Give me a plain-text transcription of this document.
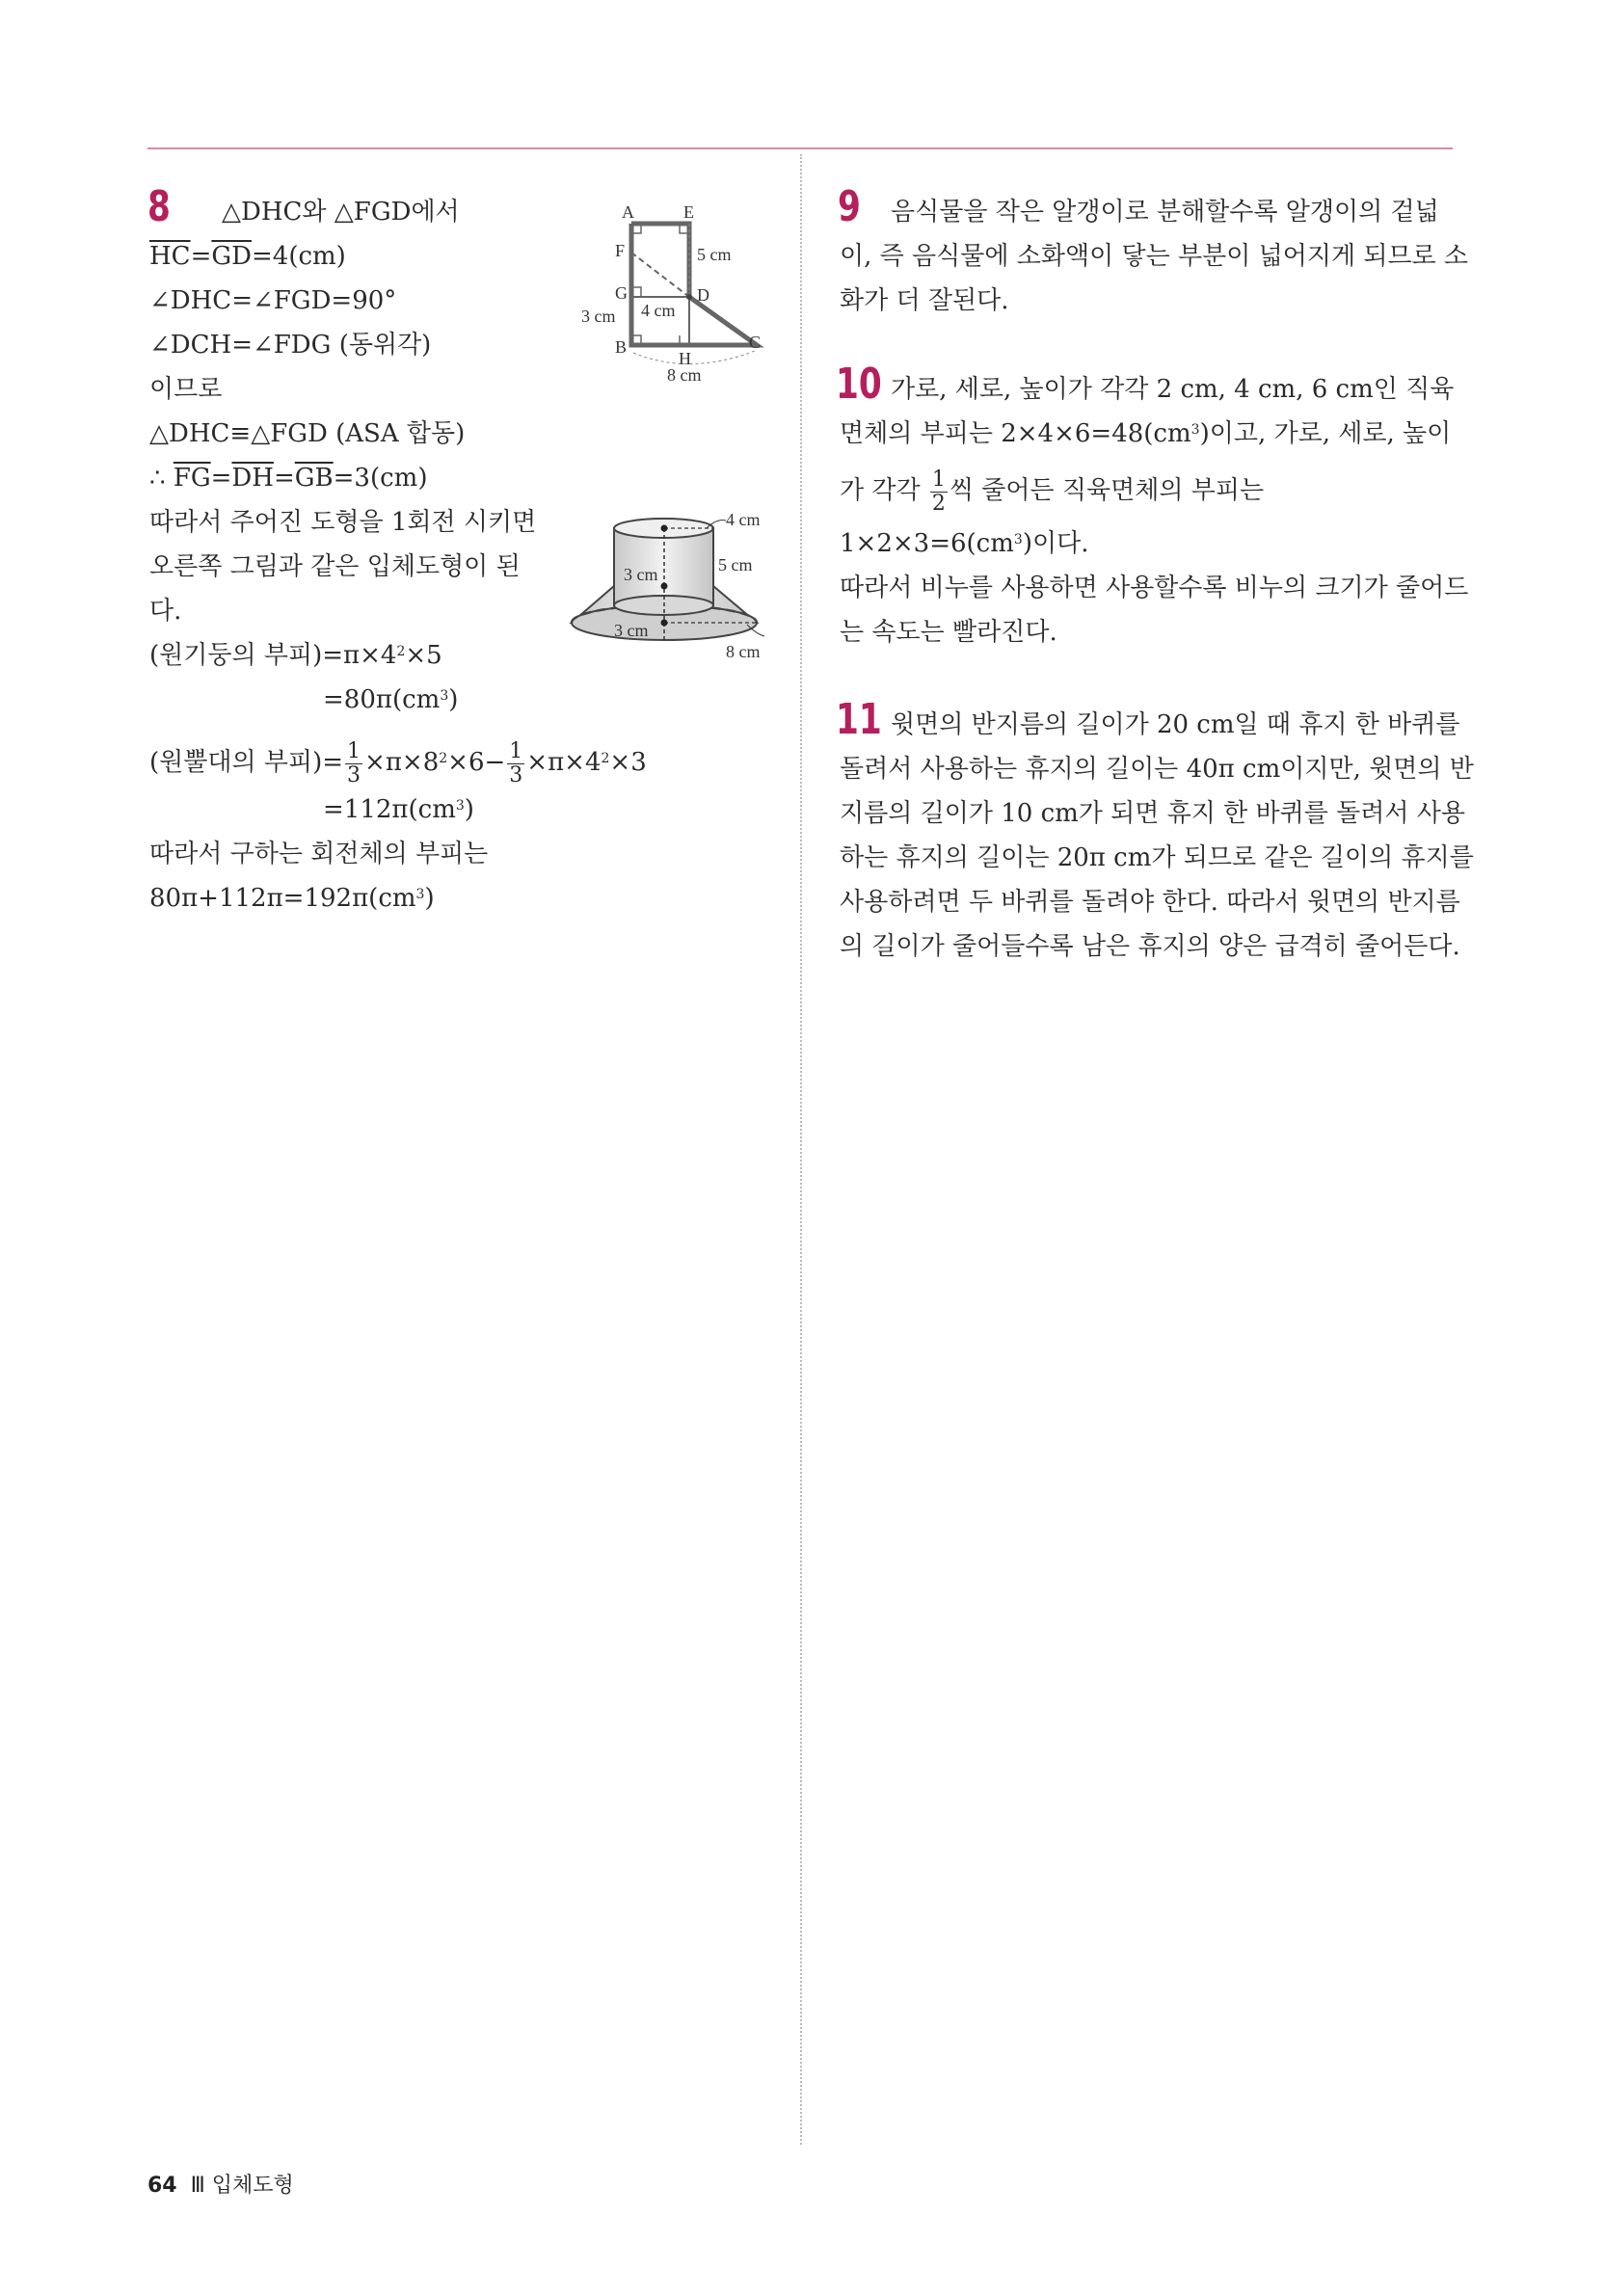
8 △DHC와 △FGD에서
$\overline{HC}=\overline{GD}=4(cm)$
∠DHC=∠FGD=90°
∠DCH=∠FDG (동위각)
이므로
△DHC≡△FGD (ASA 합동)
∴ $\overline{FG}=\overline{DH}=\overline{GB}=3(cm)$
따라서 주어진 도형을 1회전 시키면
오른쪽 그림과 같은 입체도형이 된
다.
(원기둥의 부피)$=\pi\times 4^2\times 5$
$=80\pi(cm^3)$
(원뿔대의 부피)= $\frac{1}{3} \times\pi\times 8^2\times 6- \frac{1}{3} \times\pi\times 4^2\times 3$
$=112\pi(cm^3)$
따라서 구하는 회전체의 부피는
$80\pi+112\pi=192\pi(cm^3)$
A	E
F
G	D
B
H
C
5 cm
4 cm
3 cm
8 cm
4 cm
5 cm
3 cm
3 cm
8 cm
9 음식물을 작은 알갱이로 분해할수록 알갱이의 겉넓
이, 즉 음식물에 소화액이 닿는 부분이 넓어지게 되므로 소
화가 더 잘된다.
10 가로, 세로, 높이가 각각 2 cm, 4 cm, 6 cm인 직육
면체의 부피는 $2\times 4\times 6=48(cm^3)$이고, 가로, 세로, 높이
가 각각 $\frac{1}{2}$ 씩 줄어든 직육면체의 부피는
$1\times 2\times 3=6(cm^3)$이다.
따라서 비누를 사용하면 사용할수록 비누의 크기가 줄어드
는 속도는 빨라진다.
11 윗면의 반지름의 길이가 20 cm일 때 휴지 한 바퀴를
돌려서 사용하는 휴지의 길이는 40π cm이지만, 윗면의 반
지름의 길이가 10 cm가 되면 휴지 한 바퀴를 돌려서 사용
하는 휴지의 길이는 20π cm가 되므로 같은 길이의 휴지를
사용하려면 두 바퀴를 돌려야 한다. 따라서 윗면의 반지름
의 길이가 줄어들수록 남은 휴지의 양은 급격히 줄어든다.
64 Ⅲ 입체도형
